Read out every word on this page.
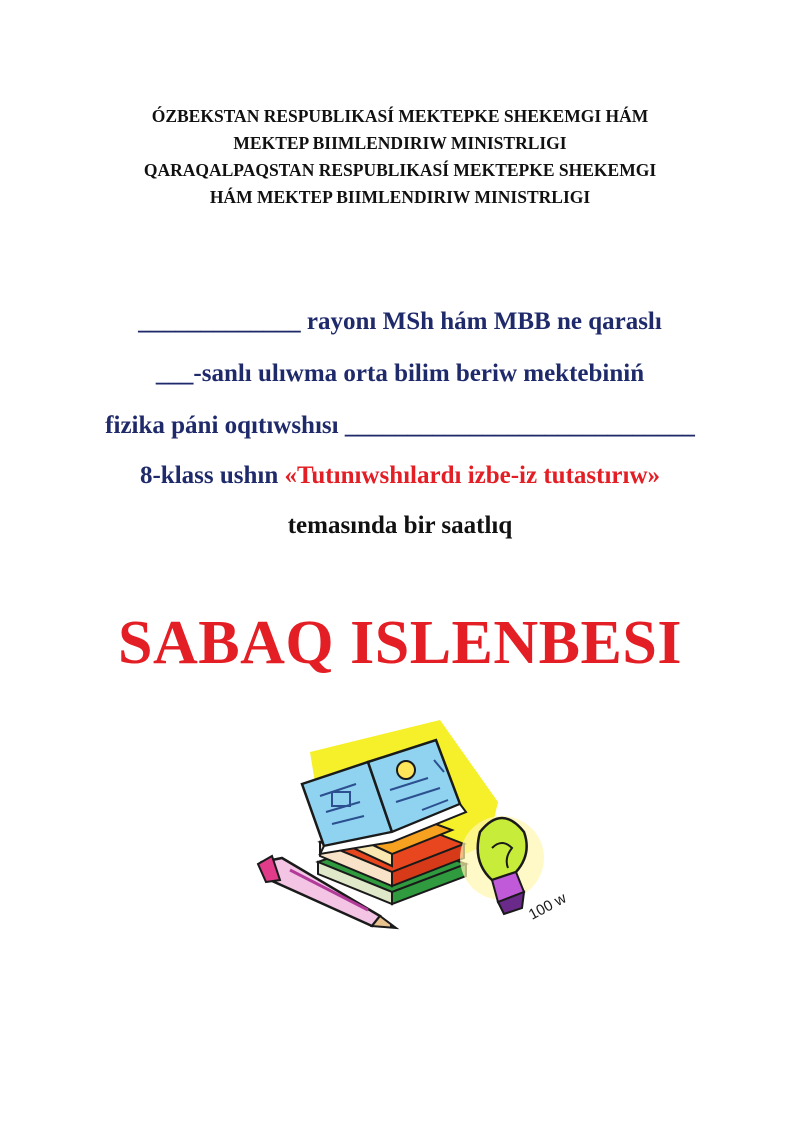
ÓZBEKSTAN RESPUBLIKASÍ MEKTEPKE SHEKEMGI HÁM
MEKTEP BIIMLENDIRIW MINISTRLIGI
QARAQALPAQSTAN RESPUBLIKASÍ MEKTEPKE SHEKEMGI
HÁM MEKTEP BIIMLENDIRIW MINISTRLIGI
_____________ rayonı MSh hám MBB ne qaraslı
___-sanlı ulıwma orta bilim beriw mektebiniń
fizika páni oqıtıwshısı ____________________________
8-klass ushın «Tutınıwshılardı izbe-iz tutastırıw»
temasında bir saatlıq
SABAQ ISLENBESI
100 w
